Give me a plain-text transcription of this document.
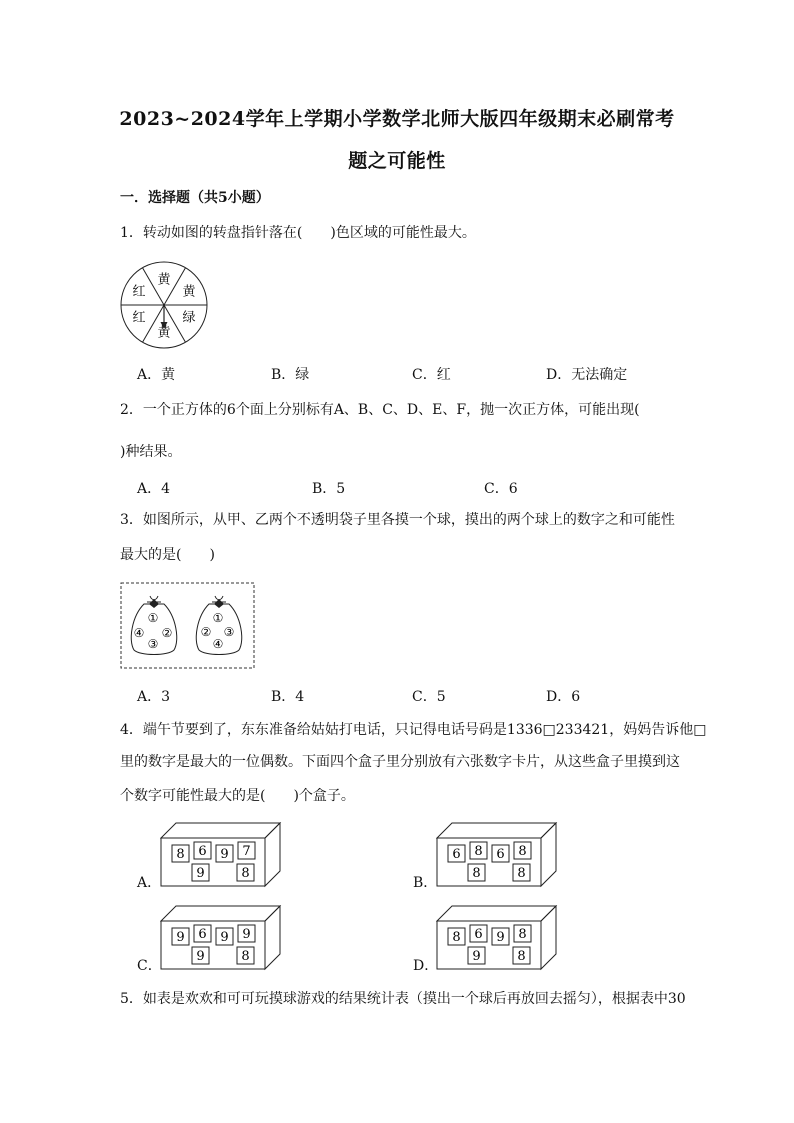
2023~2024学年上学期小学数学北师大版四年级期末必刷常考
题之可能性
一．选择题（共5小题）
1．转动如图的转盘指针落在(　　)色区域的可能性最大。
黄
黄
绿
黄
红
红
A．黄	B．绿	C．红	D．无法确定
2．一个正方体的6个面上分别标有A、B、C、D、E、F，抛一次正方体，可能出现(
)种结果。
A．4	B．5	C．6
3．如图所示，从甲、乙两个不透明袋子里各摸一个球，摸出的两个球上的数字之和可能性
最大的是(　　)
①
④ ②
③
①
② ③
④
A．3	B．4	C．5	D．6
4．端午节要到了，东东准备给姑姑打电话，只记得电话号码是1336□233421，妈妈告诉他□
里的数字是最大的一位偶数。下面四个盒子里分别放有六张数字卡片，从这些盒子里摸到这
个数字可能性最大的是(　　)个盒子。
A．
8 6 9 7
9	8
B．
6 8 6 8
8	8
C．
9 6 9 9
9	8
D．
8 6 9 8
9	8
5．如表是欢欢和可可玩摸球游戏的结果统计表（摸出一个球后再放回去摇匀），根据表中30
